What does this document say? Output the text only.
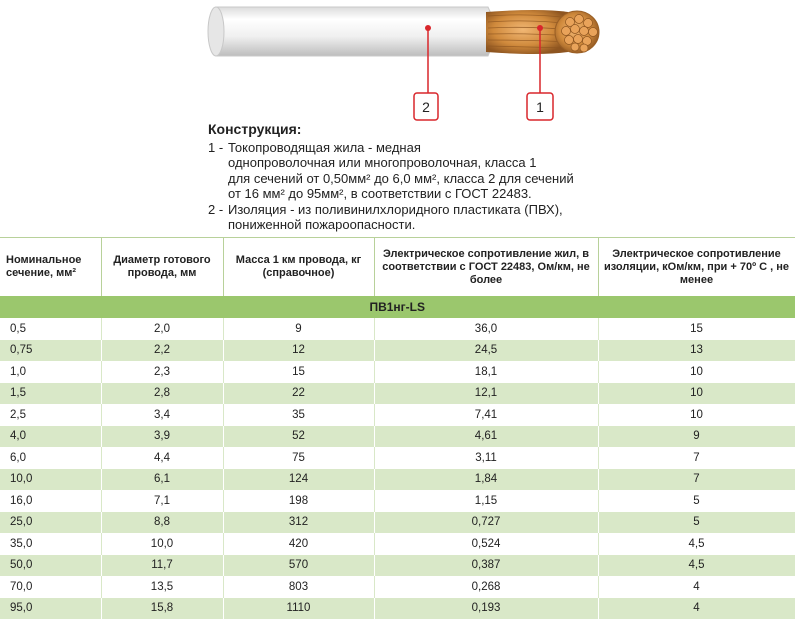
2	1
Конструкция:
1 - Токопроводящая жила - медная
однопроволочная или многопроволочная, класса 1
для сечений от 0,50мм² до 6,0 мм², класса 2 для сечений
от 16 мм² до 95мм², в соответствии с ГОСТ 22483.
2 - Изоляция - из поливинилхлоридного пластиката (ПВХ),
пониженной пожароопасности.
Номинальное сечение, мм²	Диаметр готового провода, мм	Масса 1 км провода, кг (справочное)	Электрическое сопротивление жил, в соответствии с ГОСТ 22483, Ом/км, не более	Электрическое сопротивление изоляции, кОм/км, при + 70º С , не менее
ПВ1нг-LS				
0,5	2,0	9	36,0	15
0,75	2,2	12	24,5	13
1,0	2,3	15	18,1	10
1,5	2,8	22	12,1	10
2,5	3,4	35	7,41	10
4,0	3,9	52	4,61	9
6,0	4,4	75	3,11	7
10,0	6,1	124	1,84	7
16,0	7,1	198	1,15	5
25,0	8,8	312	0,727	5
35,0	10,0	420	0,524	4,5
50,0	11,7	570	0,387	4,5
70,0	13,5	803	0,268	4
95,0	15,8	1110	0,193	4
